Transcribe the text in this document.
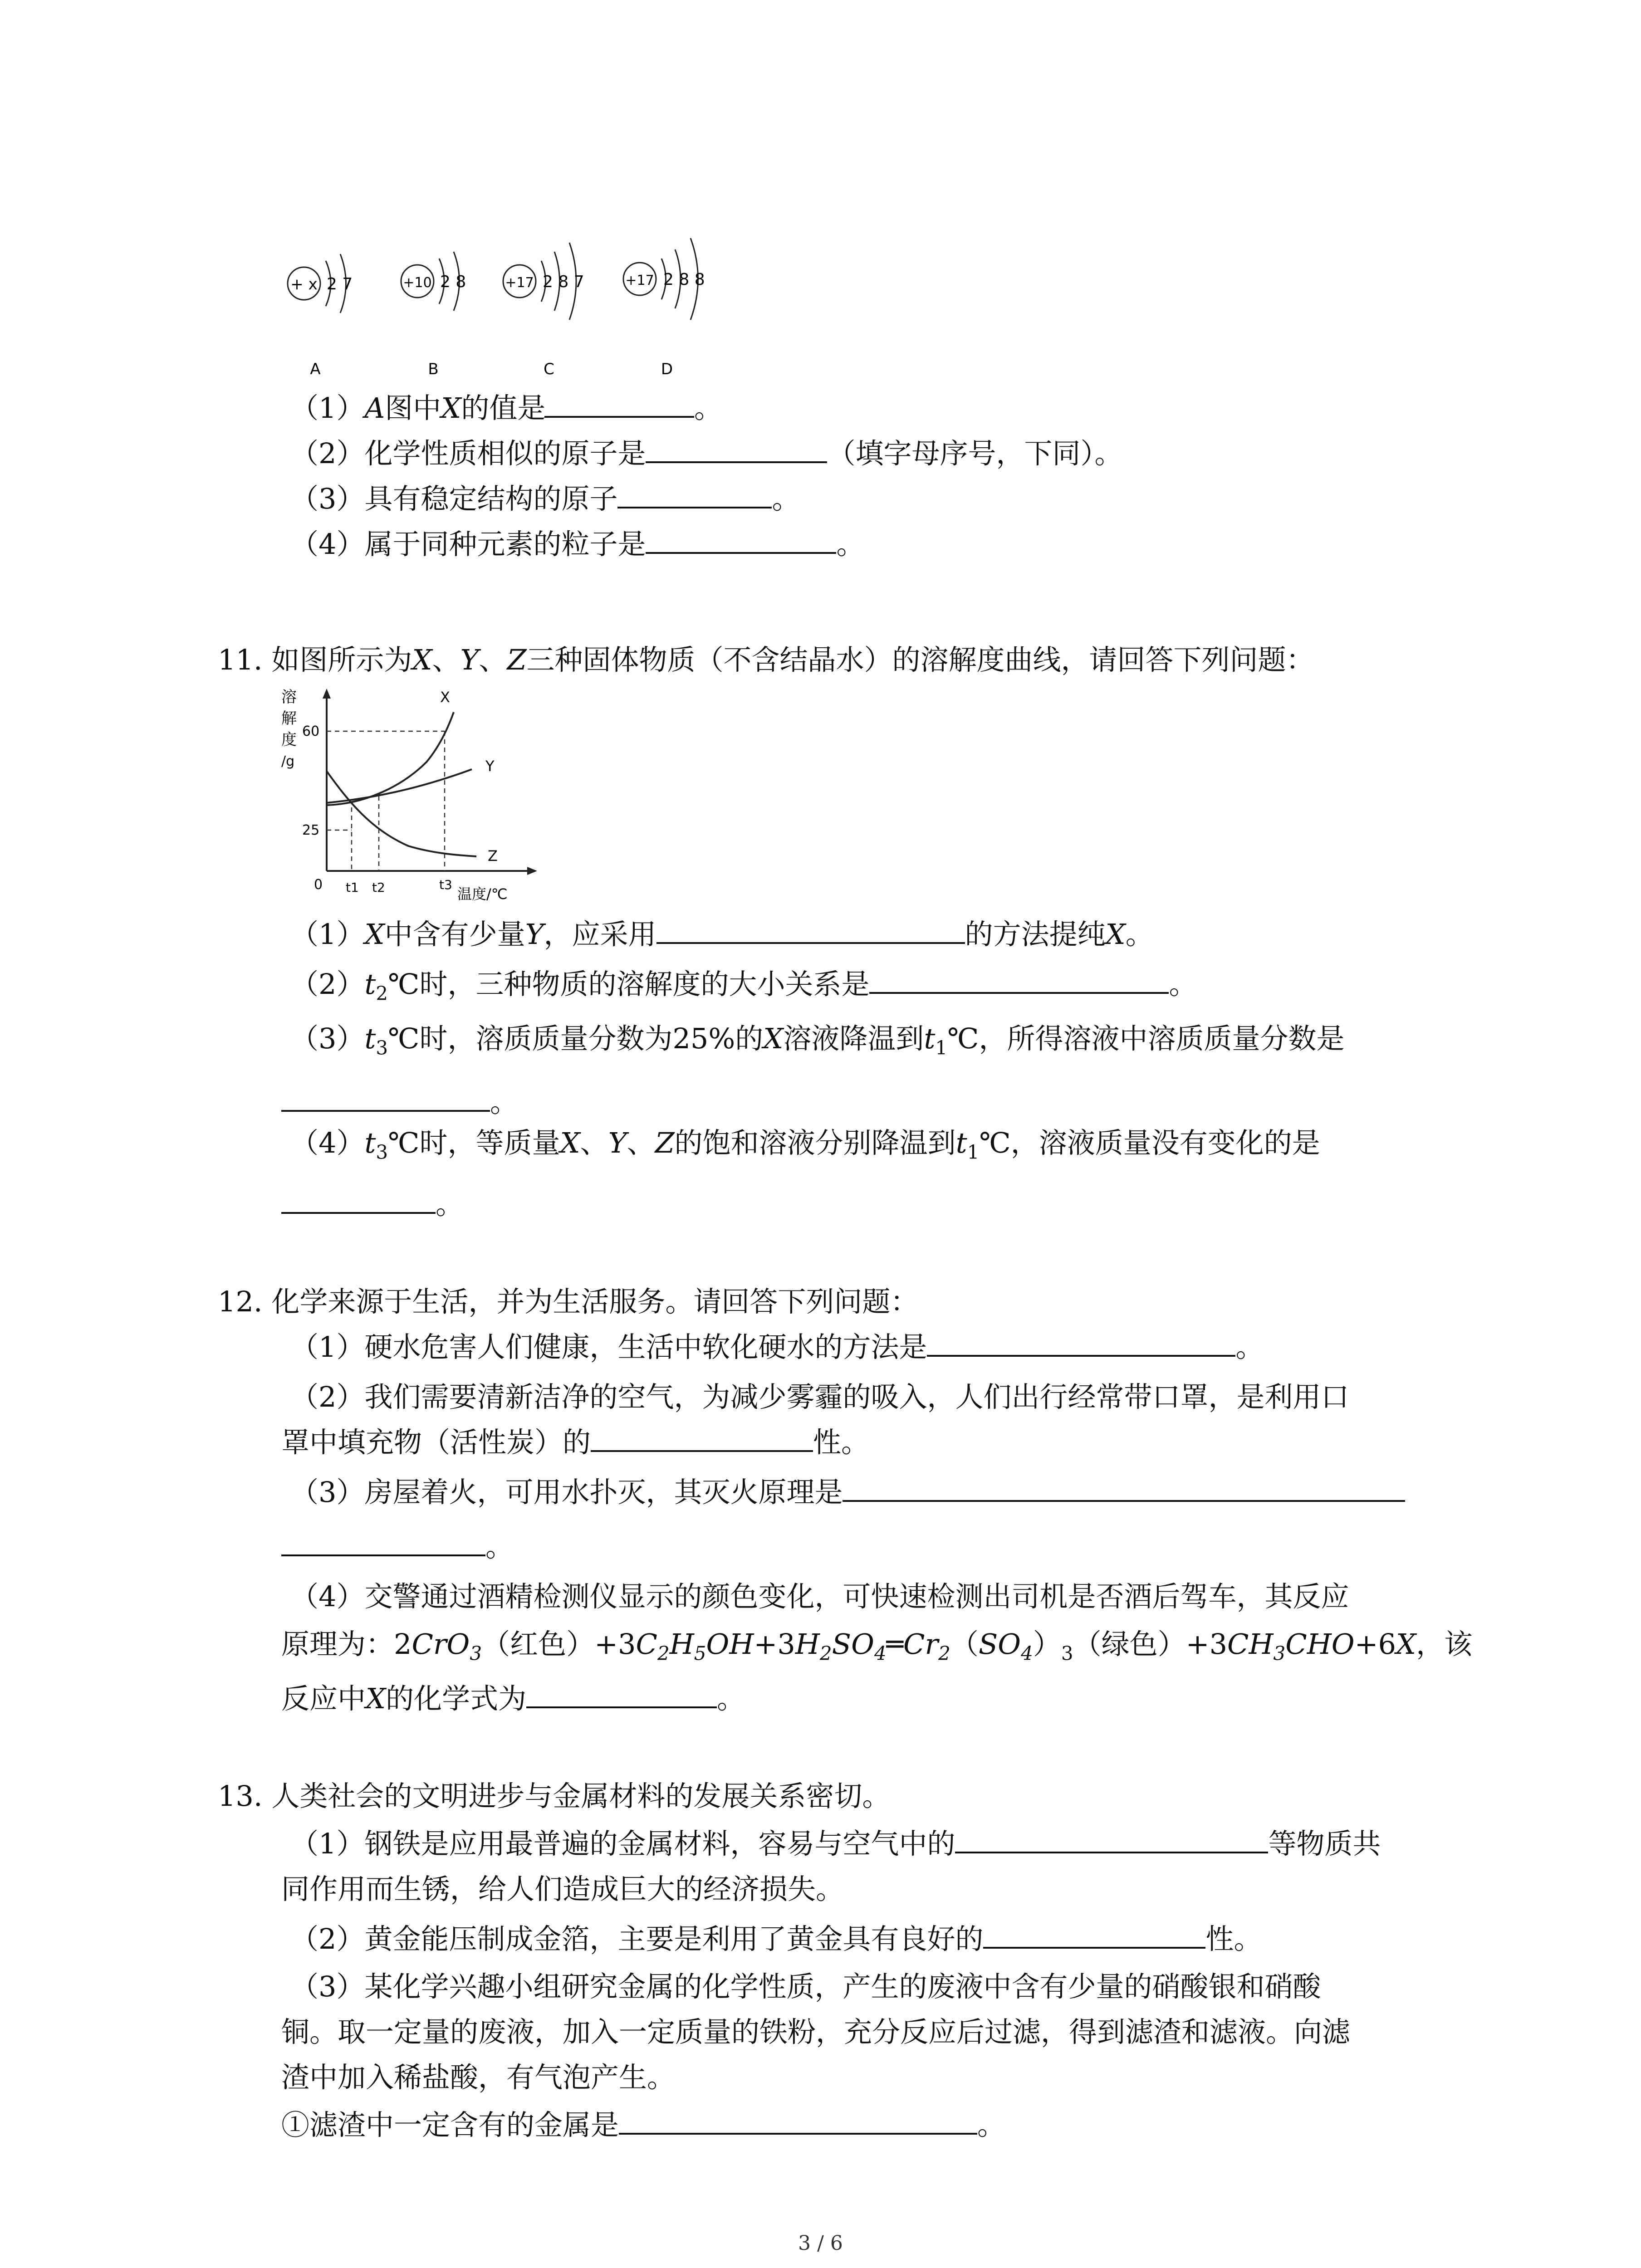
+ x 2 7
A
+10 2 8
B
+17 2 8 7
C
+17 2 8 8
D
（1）A图中X的值是	。
（2）化学性质相似的原子是	（填字母序号，下同）。
（3）具有稳定结构的原子	。
（4）属于同种元素的粒子是	。
11. 如图所示为X、Y、Z三种固体物质（不含结晶水）的溶解度曲线，请回答下列问题：
溶
解
度
/g
0
60
25
X
Y
Z
t1 t2	t3
温度/℃
（1）X中含有少量Y，应采用	的方法提纯X。
$(2)t_2℃$时，三种物质的溶解度的大小关系是	。
$(3)t_3℃$时，溶质质量分数为25%的X溶液降温到$t_1℃$，所得溶液中溶质质量分数是
。
$(4)t_3℃$时，等质量X、Y、Z的饱和溶液分别降温到$t_1℃$，溶液质量没有变化的是
。
12. 化学来源于生活，并为生活服务。请回答下列问题：
（1）硬水危害人们健康，生活中软化硬水的方法是	。
（2）我们需要清新洁净的空气，为减少雾霾的吸入，人们出行经常带口罩，是利用口
罩中填充物（活性炭）的	性。
（3）房屋着火，可用水扑灭，其灭火原理是
。
（4）交警通过酒精检测仪显示的颜色变化，可快速检测出司机是否酒后驾车，其反应
原理为：2CrO$_3$（红色）$+3C_2H_5OH+3H_2SO_4═Cr_2(SO_4)_3$（绿色）$+3CH_3CHO+6X$，该
反应中X的化学式为	。
13. 人类社会的文明进步与金属材料的发展关系密切。
（1）钢铁是应用最普遍的金属材料，容易与空气中的	等物质共
同作用而生锈，给人们造成巨大的经济损失。
（2）黄金能压制成金箔，主要是利用了黄金具有良好的	性。
（3）某化学兴趣小组研究金属的化学性质，产生的废液中含有少量的硝酸银和硝酸
铜。取一定量的废液，加入一定质量的铁粉，充分反应后过滤，得到滤渣和滤液。向滤
渣中加入稀盐酸，有气泡产生。
①滤渣中一定含有的金属是	。
3 / 6
